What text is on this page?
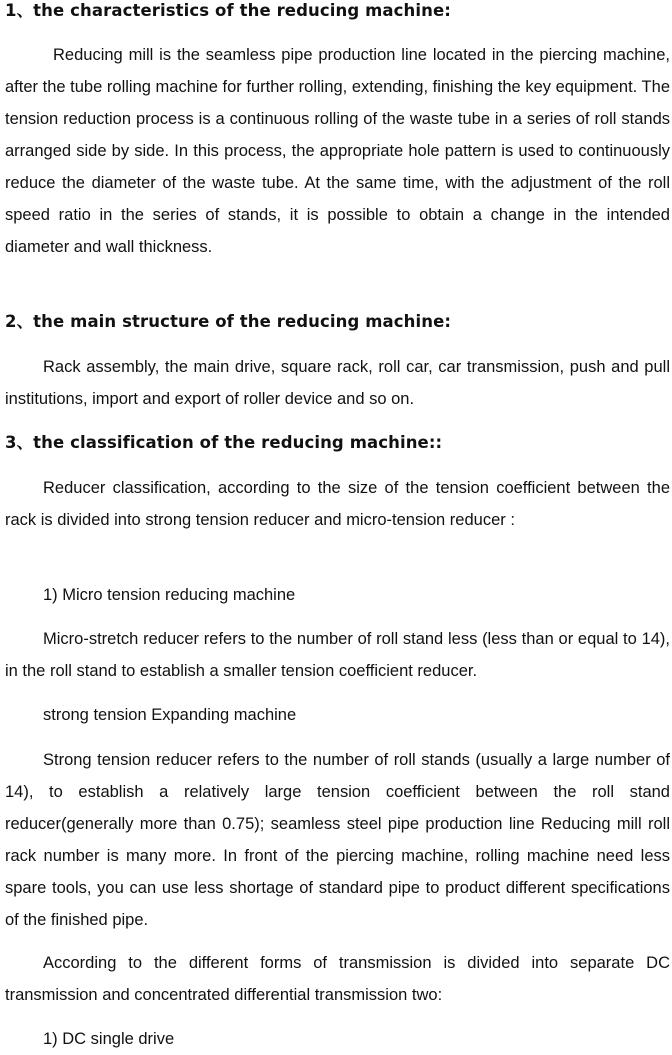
1、the characteristics of the reducing machine:

Reducing mill is the seamless pipe production line located in the piercing machine, after the tube rolling machine for further rolling, extending, finishing the key equipment. The tension reduction process is a continuous rolling of the waste tube in a series of roll stands arranged side by side. In this process, the appropriate hole pattern is used to continuously reduce the diameter of the waste tube. At the same time, with the adjustment of the roll speed ratio in the series of stands, it is possible to obtain a change in the intended diameter and wall thickness.

2、the main structure of the reducing machine:

Rack assembly, the main drive, square rack, roll car, car transmission, push and pull institutions, import and export of roller device and so on.

3、the classification of the reducing machine::

Reducer classification, according to the size of the tension coefficient between the rack is divided into strong tension reducer and micro-tension reducer :

1) Micro tension reducing machine

Micro-stretch reducer refers to the number of roll stand less (less than or equal to 14), in the roll stand to establish a smaller tension coefficient reducer.

strong tension Expanding machine

Strong tension reducer refers to the number of roll stands (usually a large number of 14), to establish a relatively large tension coefficient between the roll stand reducer(generally more than 0.75); seamless steel pipe production line Reducing mill roll rack number is many more. In front of the piercing machine, rolling machine need less spare tools, you can use less shortage of standard pipe to product different specifications of the finished pipe.

According to the different forms of transmission is divided into separate DC transmission and concentrated differential transmission two:

1) DC single drive
